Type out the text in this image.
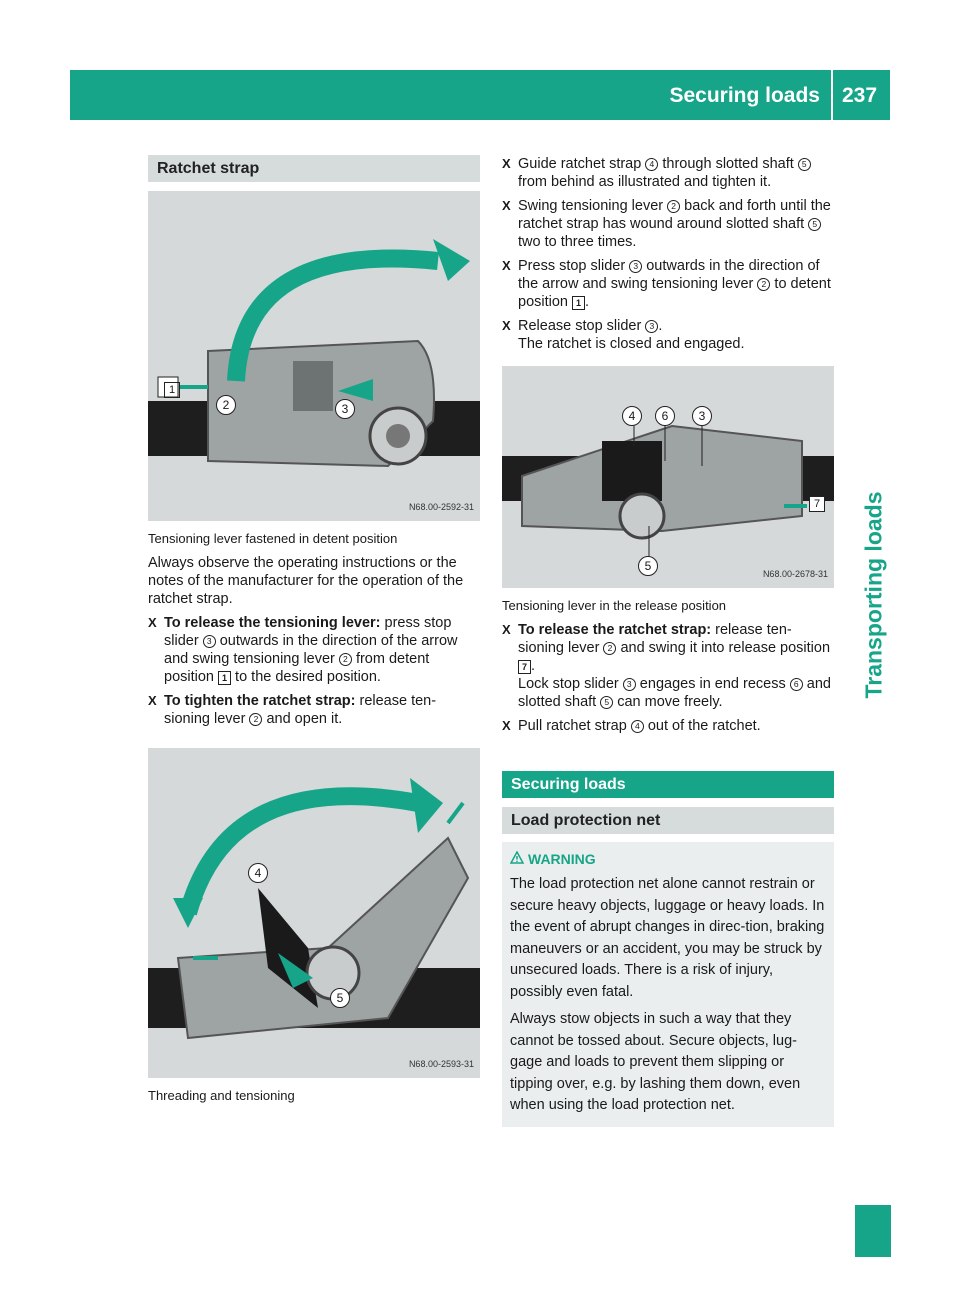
Securing loads 237
Transporting loads
Ratchet strap
1
2	3
N68.00-2592-31
Tensioning lever fastened in detent position

Always observe the operating instructions or the notes of the manufacturer for the operation of the ratchet strap.

X To release the tensioning lever: press stop slider 3 outwards in the direction of the arrow and swing tensioning lever 2 from detent position 1 to the desired position.
X To tighten the ratchet strap: release ten-sioning lever 2 and open it.
4
5
N68.00-2593-31
Threading and tensioning
X Guide ratchet strap 4 through slotted shaft 5 from behind as illustrated and tighten it.
X Swing tensioning lever 2 back and forth until the ratchet strap has wound around slotted shaft 5 two to three times.
X Press stop slider 3 outwards in the direction of the arrow and swing tensioning lever 2 to detent position 1 .
X Release stop slider 3 .
The ratchet is closed and engaged.
4	6	3
7
5
N68.00-2678-31
Tensioning lever in the release position
X To release the ratchet strap: release ten-sioning lever 2 and swing it into release position 7 .
Lock stop slider 3 engages in end recess 6 and slotted shaft 5 can move freely.
X Pull ratchet strap 4 out of the ratchet.
Securing loads
Load protection net
WARNING

The load protection net alone cannot restrain or secure heavy objects, luggage or heavy loads. In the event of abrupt changes in direc-tion, braking maneuvers or an accident, you may be struck by unsecured loads. There is a risk of injury, possibly even fatal.

Always stow objects in such a way that they cannot be tossed about. Secure objects, lug-gage and loads to prevent them slipping or tipping over, e.g. by lashing them down, even when using the load protection net.
